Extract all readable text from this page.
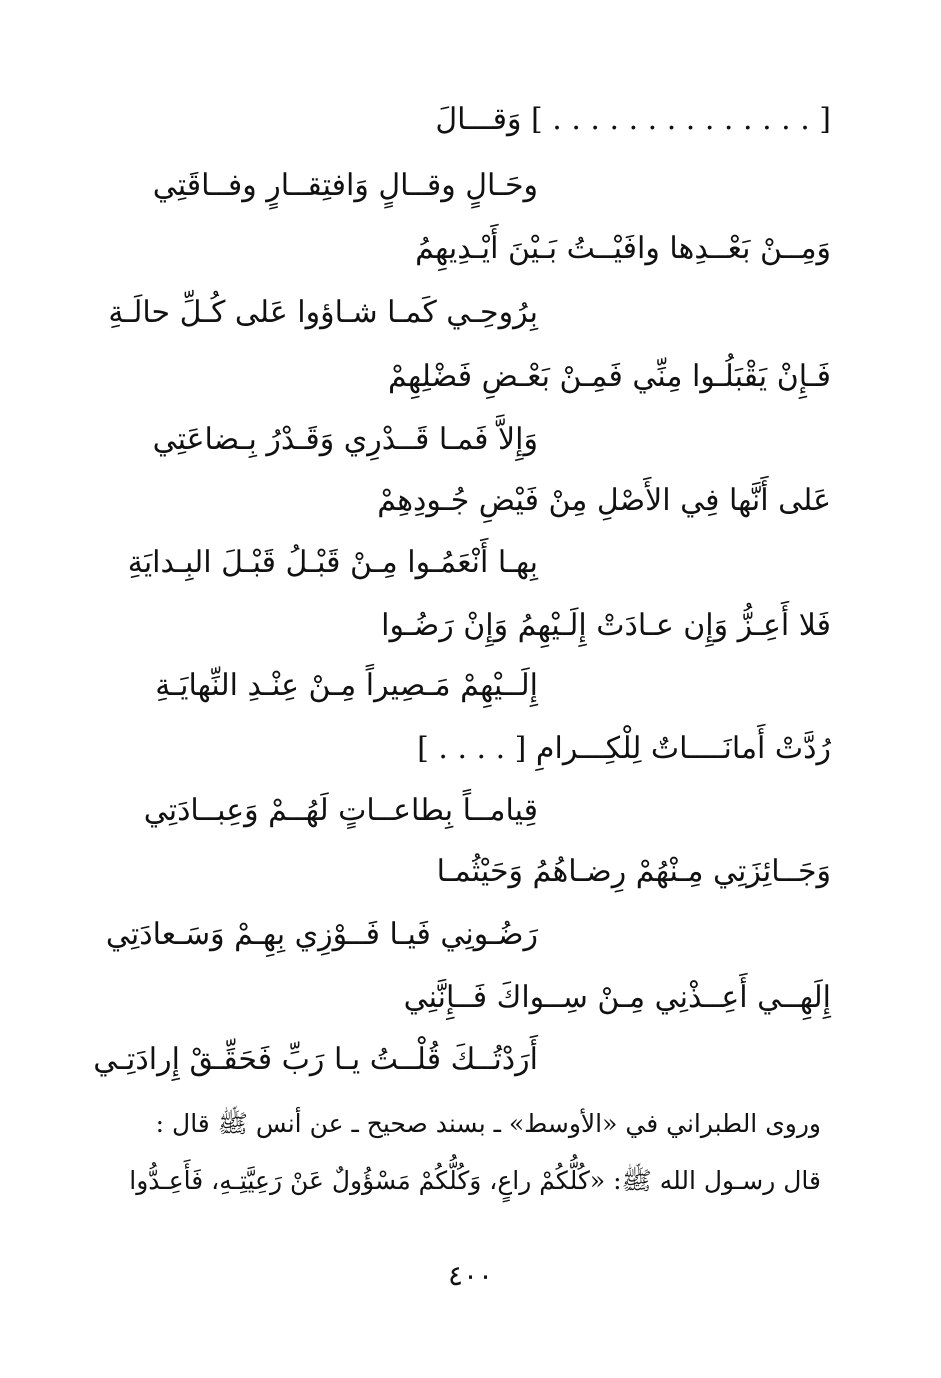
[ . . . . . . . . . . . . . . ] وَقـــالَ
وحَـالٍ وقــالٍ وَافتِقــارٍ وفــاقَتِي
وَمِــنْ بَعْــدِها وافَيْــتُ بَـيْنَ أَيْـدِيهِمُ
بِرُوحِـي كَمـا شـاؤوا عَلى كُـلِّ حالَـةِ
فَـإِنْ يَقْبَلُـوا مِنِّي فَمِـنْ بَعْـضِ فَضْلِهِمْ
وَإِلاَّ فَمـا قَــدْرِي وَقَـدْرُ بِـضاعَتِي
عَلى أَنَّها فِي الأَصْلِ مِنْ فَيْضِ جُـودِهِمْ
بِهـا أَنْعَمُـوا مِـنْ قَبْـلُ قَبْـلَ البِـدايَةِ
فَلا أَعِـزُّ وَإِن عـادَتْ إِلَـيْهِمُ وَإِنْ رَضُـوا
إِلَــيْهِمْ مَـصِيراً مِـنْ عِنْـدِ النِّهايَـةِ
رُدَّتْ أَمانَــــاتٌ لِلْكِـــرامِ [ . . . . ]
قِيامــاً بِطاعــاتٍ لَهُــمْ وَعِبــادَتِي
وَجَــائِزَتِي مِـنْهُمْ رِضـاهُمُ وَحَيْثُمـا
رَضُـونِي فَيـا فَــوْزِي بِهِـمْ وَسَـعادَتِي
إِلَهِــي أَعِــذْنِي مِـنْ سِــواكَ فَــإِنَّنِي
أَرَدْتُــكَ قُلْــتُ يـا رَبِّ فَحَقِّـقْ إِرادَتِـي
وروى الطبراني في «الأوسط» ـ بسند صحيح ـ عن أنس ﷺ قال :
قال رسـول الله ﷺ: «كُلُّكُمْ راعٍ، وَكُلُّكُمْ مَسْؤُولٌ عَنْ رَعِيَّتِـهِ، فَأَعِـدُّوا
٤٠٠
